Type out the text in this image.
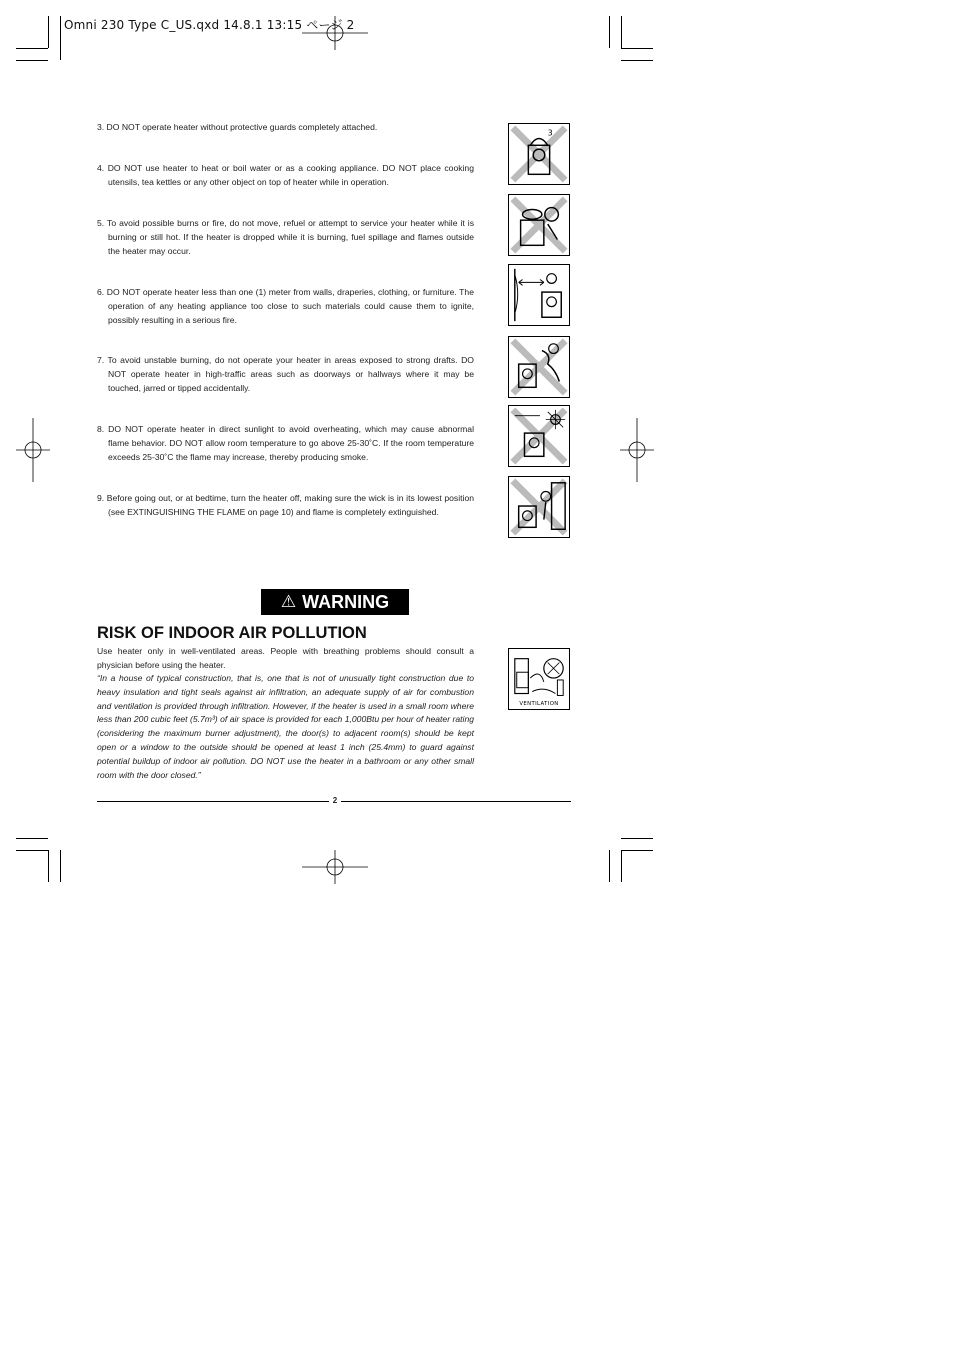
Omni 230 Type C_US.qxd 14.8.1 13:15 ページ 2
3. DO NOT operate heater without protective guards completely attached.
4. DO NOT use heater to heat or boil water or as a cooking appliance. DO NOT place cooking utensils, tea kettles or any other object on top of heater while in operation.
5. To avoid possible burns or fire, do not move, refuel or attempt to service your heater while it is burning or still hot. If the heater is dropped while it is burning, fuel spillage and flames outside the heater may occur.
6. DO NOT operate heater less than one (1) meter from walls, draperies, clothing, or furniture. The operation of any heating appliance too close to such materials could cause them to ignite, possibly resulting in a serious fire.
7. To avoid unstable burning, do not operate your heater in areas exposed to strong drafts. DO NOT operate heater in high-traffic areas such as doorways or hallways where it may be touched, jarred or tipped accidentally.
8. DO NOT operate heater in direct sunlight to avoid overheating, which may cause abnormal flame behavior. DO NOT allow room temperature to go above 25-30˚C. If the room temperature exceeds 25-30˚C the flame may increase, thereby producing smoke.
9. Before going out, or at bedtime, turn the heater off, making sure the wick is in its lowest position (see EXTINGUISHING THE FLAME on page 10) and flame is completely extinguished.
3
⚠ WARNING
RISK OF INDOOR AIR POLLUTION
Use heater only in well-ventilated areas. People with breathing problems should consult a physician before using the heater.
“In a house of typical construction, that is, one that is not of unusually tight construction due to heavy insulation and tight seals against air infiltration, an adequate supply of air for combustion and ventilation is provided through infiltration. However, if the heater is used in a small room where less than 200 cubic feet (5.7m³) of air space is provided for each 1,000Btu per hour of heater rating (considering the maximum burner adjustment), the door(s) to adjacent room(s) should be kept open or a window to the outside should be opened at least 1 inch (25.4mm) to guard against potential buildup of indoor air pollution. DO NOT use the heater in a bathroom or any other small room with the door closed.”
VENTILATION
2
